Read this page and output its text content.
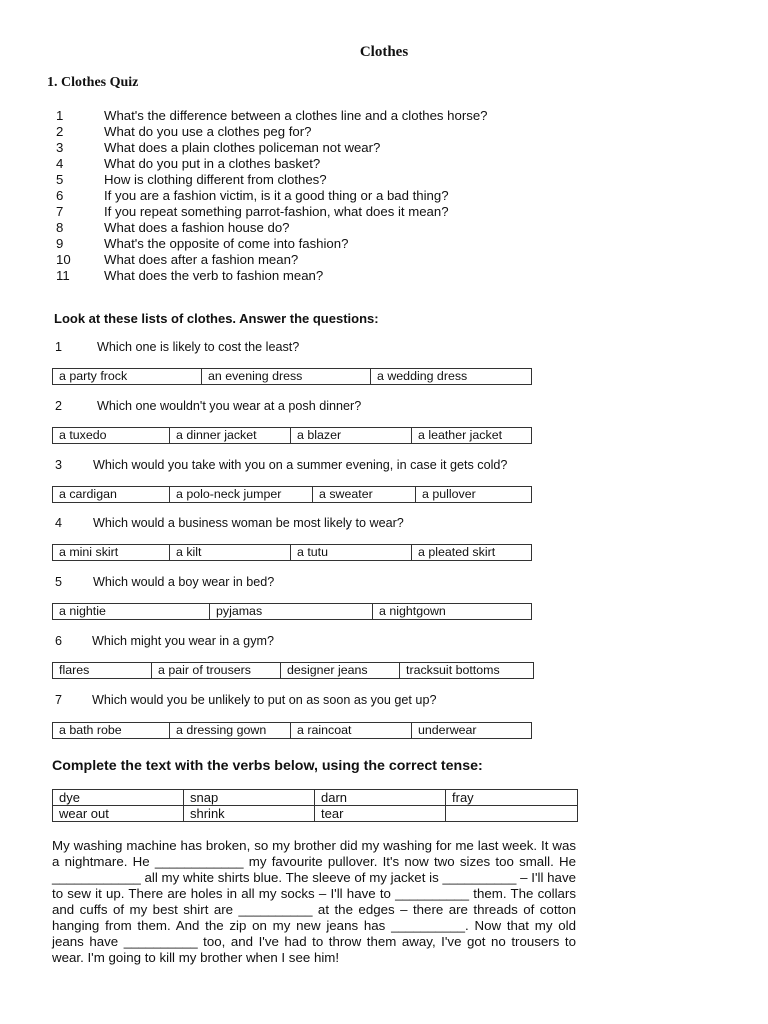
Clothes
1. Clothes Quiz
1	What's the difference between a clothes line and a clothes horse?
2	What do you use a clothes peg for?
3	What does a plain clothes policeman not wear?
4	What do you put in a clothes basket?
5	How is clothing different from clothes?
6	If you are a fashion victim, is it a good thing or a bad thing?
7	If you repeat something parrot-fashion, what does it mean?
8	What does a fashion house do?
9	What's the opposite of come into fashion?
10	What does after a fashion mean?
11	What does the verb to fashion mean?
Look at these lists of clothes. Answer the questions:
1	Which one is likely to cost the least?
a party frock	an evening dress	a wedding dress
2	Which one wouldn't you wear at a posh dinner?
a tuxedo	a dinner jacket	a blazer	a leather jacket
3 Which would you take with you on a summer evening, in case it gets cold?
a cardigan	a polo-neck jumper	a sweater	a pullover
4 Which would a business woman be most likely to wear?
a mini skirt	a kilt	a tutu	a pleated skirt
5 Which would a boy wear in bed?
a nightie	pyjamas	a nightgown
6 Which might you wear in a gym?
flares	a pair of trousers	designer jeans	tracksuit bottoms
7 Which would you be unlikely to put on as soon as you get up?
a bath robe	a dressing gown	a raincoat	underwear
Complete the text with the verbs below, using the correct tense:
dye	snap	darn	fray
wear out	shrink	tear	

My washing machine has broken, so my brother did my washing for me last week. It was a nightmare. He ____________ my favourite pullover. It's now two sizes too small. He ____________ all my white shirts blue. The sleeve of my jacket is __________ – I'll have to sew it up. There are holes in all my socks – I'll have to __________ them. The collars and cuffs of my best shirt are __________ at the edges – there are threads of cotton hanging from them. And the zip on my new jeans has __________. Now that my old jeans have __________ too, and I've had to throw them away, I've got no trousers to wear. I'm going to kill my brother when I see him!
